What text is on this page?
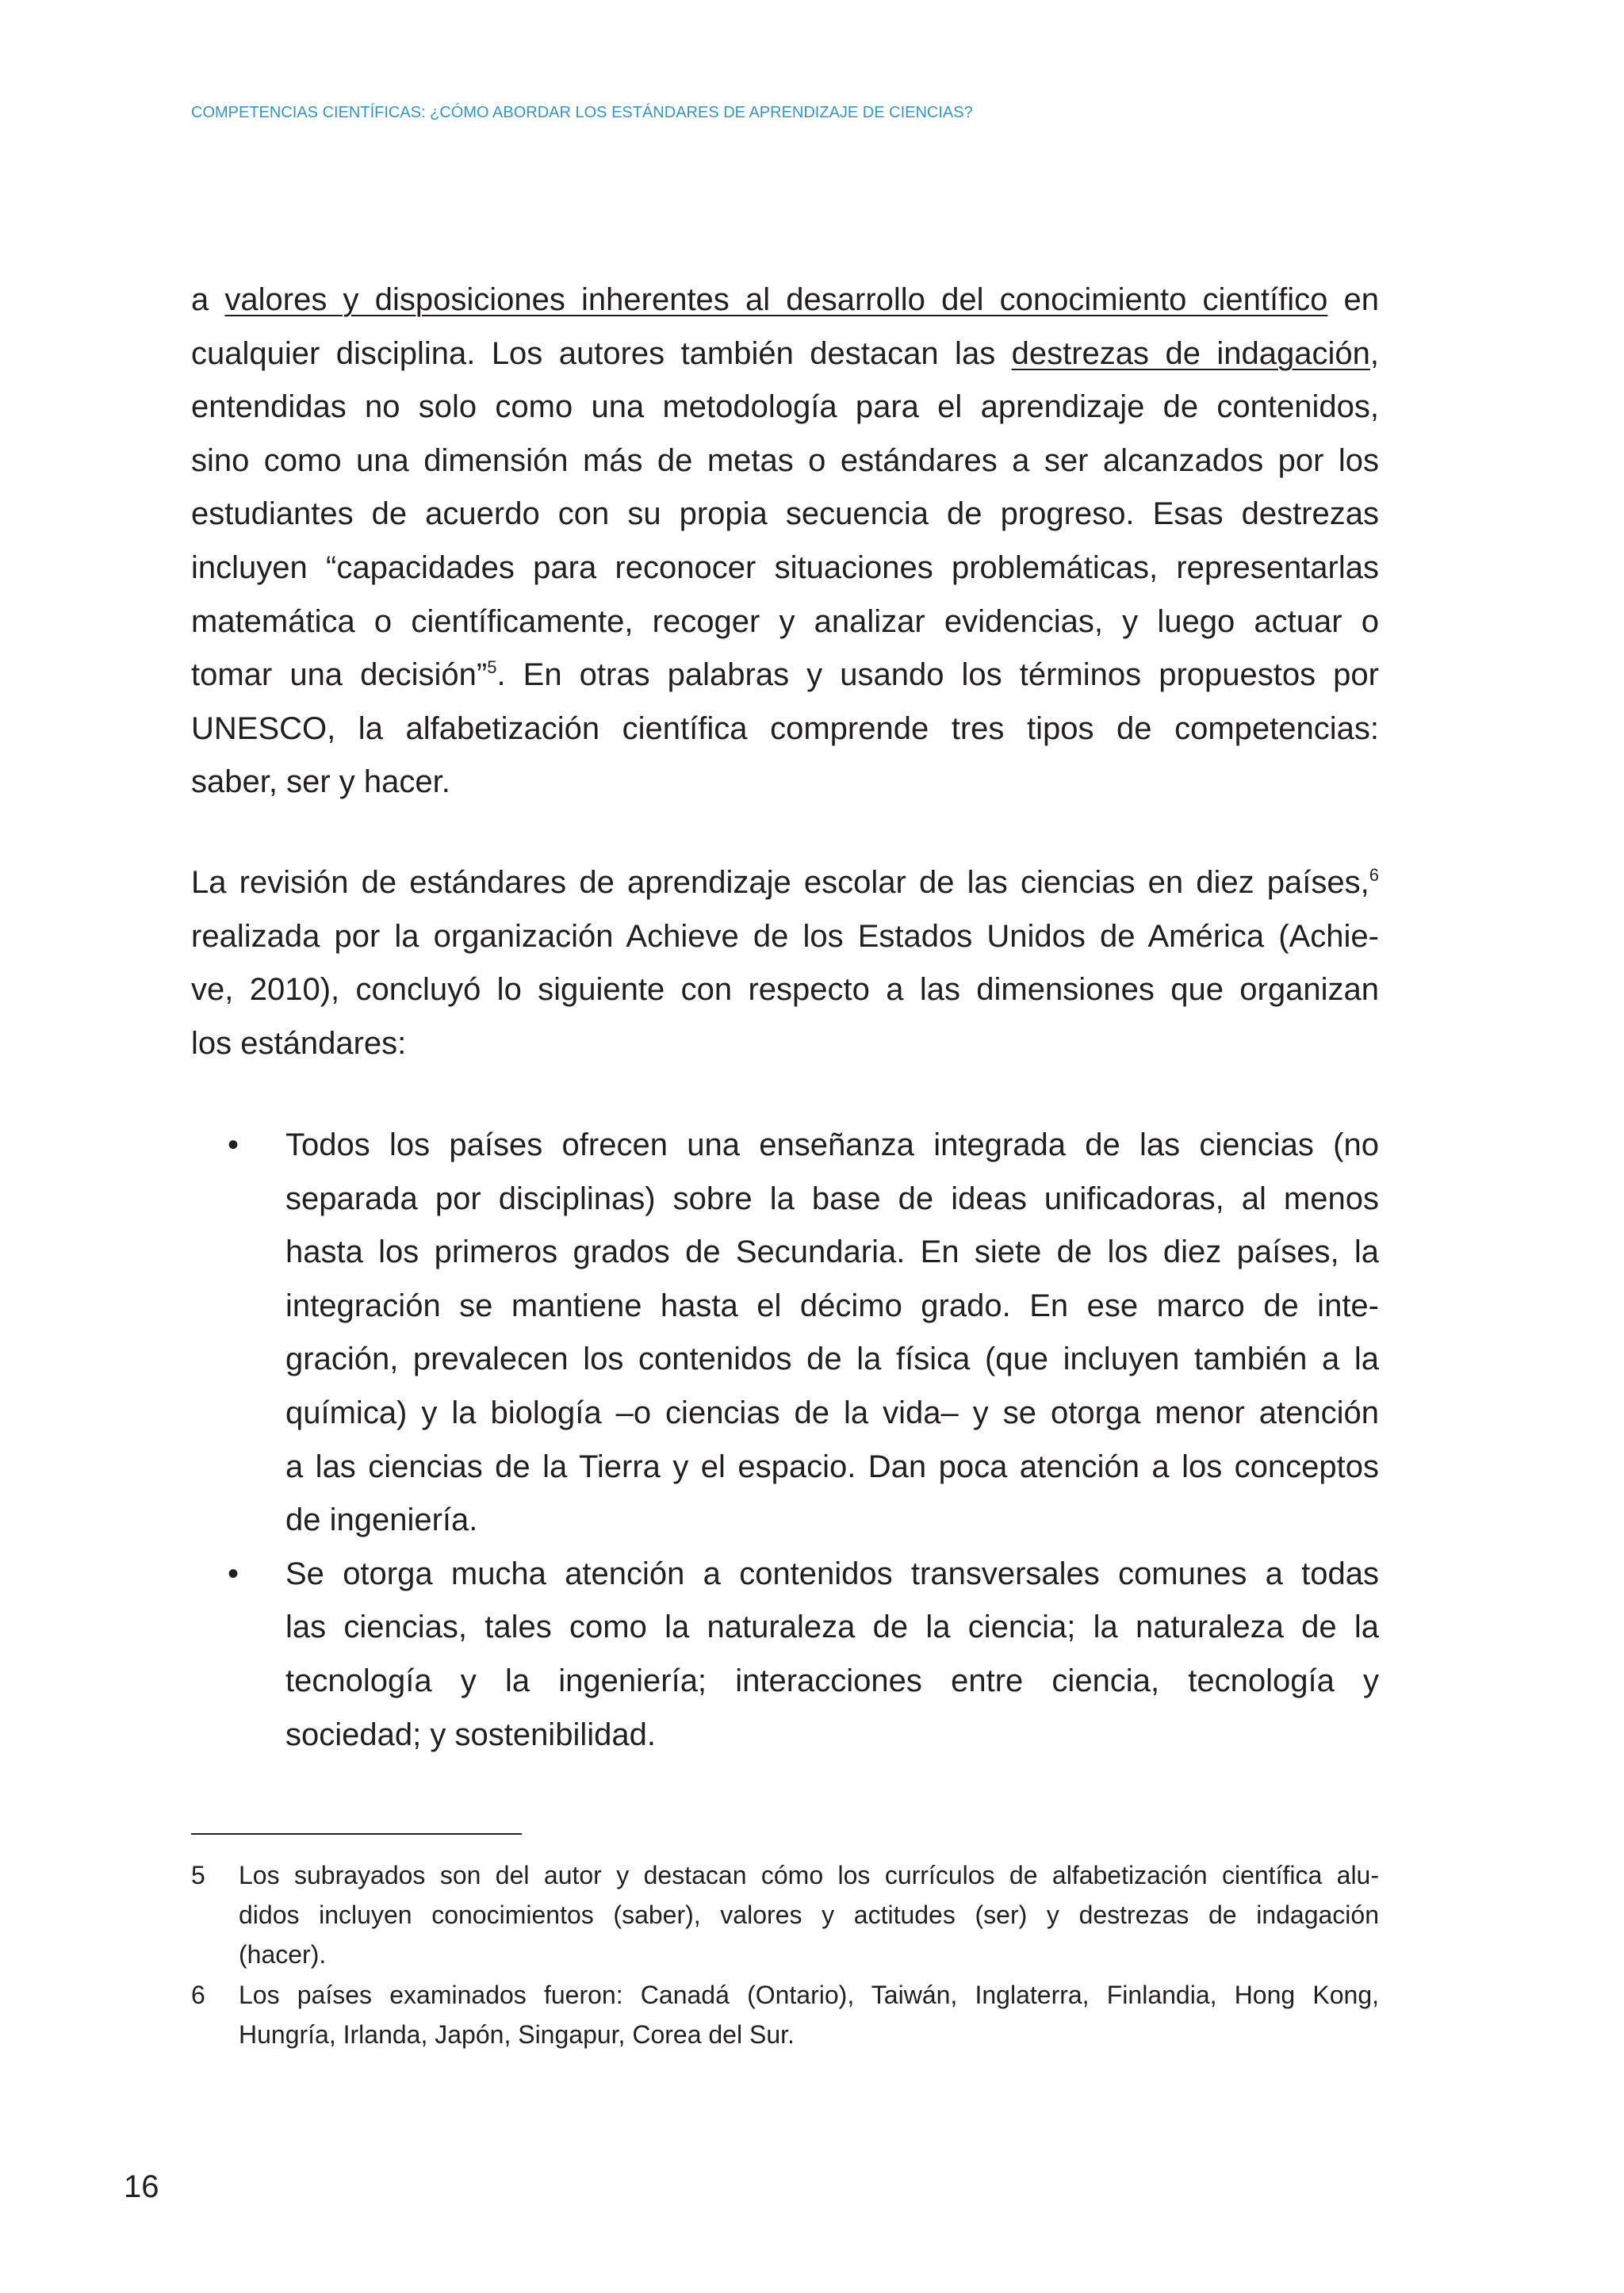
COMPETENCIAS CIENTÍFICAS: ¿CÓMO ABORDAR LOS ESTÁNDARES DE APRENDIZAJE DE CIENCIAS?
a valores y disposiciones inherentes al desarrollo del conocimiento científico en
cualquier disciplina. Los autores también destacan las destrezas de indagación,
entendidas no solo como una metodología para el aprendizaje de contenidos,
sino como una dimensión más de metas o estándares a ser alcanzados por los
estudiantes de acuerdo con su propia secuencia de progreso. Esas destrezas
incluyen “capacidades para reconocer situaciones problemáticas, representarlas
matemática o científicamente, recoger y analizar evidencias, y luego actuar o
tomar una decisión”$^5$. En otras palabras y usando los términos propuestos por
UNESCO, la alfabetización científica comprende tres tipos de competencias:
saber, ser y hacer.
La revisión de estándares de aprendizaje escolar de las ciencias en diez países,$^6$
realizada por la organización Achieve de los Estados Unidos de América (Achie-
ve, 2010), concluyó lo siguiente con respecto a las dimensiones que organizan
los estándares:
• Todos los países ofrecen una enseñanza integrada de las ciencias (no
separada por disciplinas) sobre la base de ideas unificadoras, al menos
hasta los primeros grados de Secundaria. En siete de los diez países, la
integración se mantiene hasta el décimo grado. En ese marco de inte-
gración, prevalecen los contenidos de la física (que incluyen también a la
química) y la biología –o ciencias de la vida– y se otorga menor atención
a las ciencias de la Tierra y el espacio. Dan poca atención a los conceptos
de ingeniería.
• Se otorga mucha atención a contenidos transversales comunes a todas
las ciencias, tales como la naturaleza de la ciencia; la naturaleza de la
tecnología y la ingeniería; interacciones entre ciencia, tecnología y
sociedad; y sostenibilidad.
5 Los subrayados son del autor y destacan cómo los currículos de alfabetización científica alu-
didos incluyen conocimientos (saber), valores y actitudes (ser) y destrezas de indagación
(hacer).
6 Los países examinados fueron: Canadá (Ontario), Taiwán, Inglaterra, Finlandia, Hong Kong,
Hungría, Irlanda, Japón, Singapur, Corea del Sur.
16
